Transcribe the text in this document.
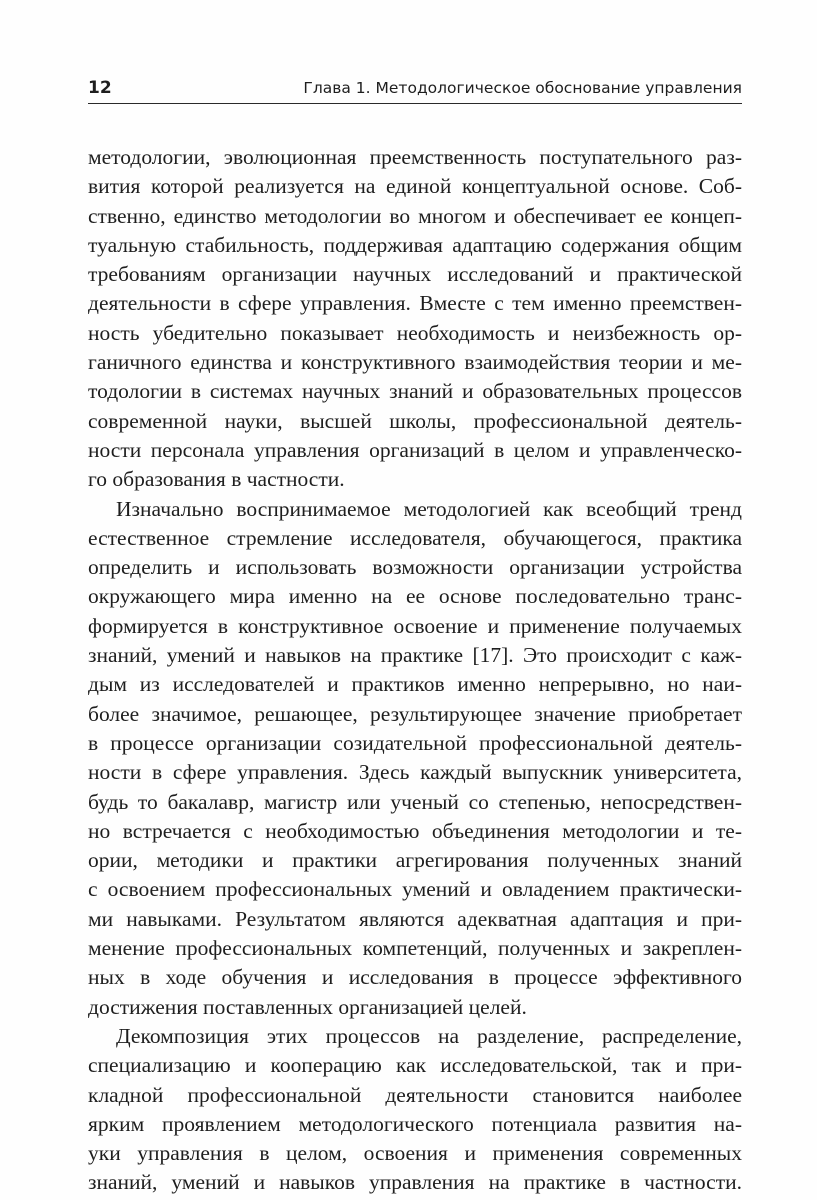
12	Глава 1. Методологическое обоснование управления

методологии, эволюционная преемственность поступательного раз-
вития которой реализуется на единой концептуальной основе. Соб-
ственно, единство методологии во многом и обеспечивает ее концеп-
туальную стабильность, поддерживая адаптацию содержания общим
требованиям организации научных исследований и практической
деятельности в сфере управления. Вместе с тем именно преемствен-
ность убедительно показывает необходимость и неизбежность ор-
ганичного единства и конструктивного взаимодействия теории и ме-
тодологии в системах научных знаний и образовательных процессов
современной науки, высшей школы, профессиональной деятель-
ности персонала управления организаций в целом и управленческо-
го образования в частности.

Изначально воспринимаемое методологией как всеобщий тренд
естественное стремление исследователя, обучающегося, практика
определить и использовать возможности организации устройства
окружающего мира именно на ее основе последовательно транс-
формируется в конструктивное освоение и применение получаемых
знаний, умений и навыков на практике [17]. Это происходит с каж-
дым из исследователей и практиков именно непрерывно, но наи-
более значимое, решающее, результирующее значение приобретает
в процессе организации созидательной профессиональной деятель-
ности в сфере управления. Здесь каждый выпускник университета,
будь то бакалавр, магистр или ученый со степенью, непосредствен-
но встречается с необходимостью объединения методологии и те-
ории, методики и практики агрегирования полученных знаний
с освоением профессиональных умений и овладением практически-
ми навыками. Результатом являются адекватная адаптация и при-
менение профессиональных компетенций, полученных и закреплен-
ных в ходе обучения и исследования в процессе эффективного
достижения поставленных организацией целей.

Декомпозиция этих процессов на разделение, распределение,
специализацию и кооперацию как исследовательской, так и при-
кладной профессиональной деятельности становится наиболее
ярким проявлением методологического потенциала развития на-
уки управления в целом, освоения и применения современных
знаний, умений и навыков управления на практике в частности.
